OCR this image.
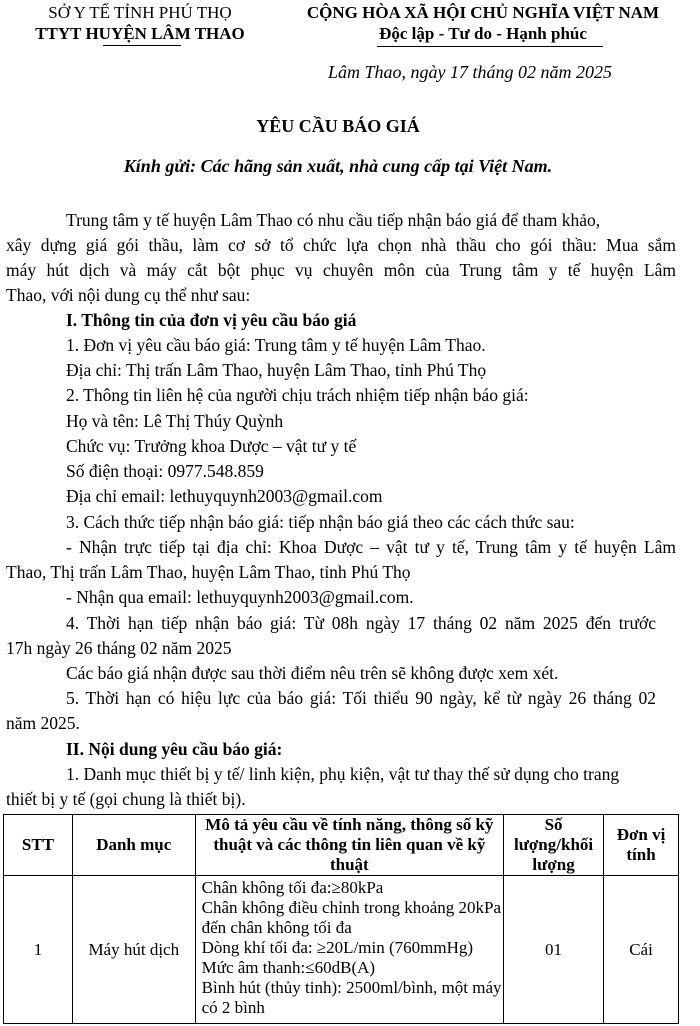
SỞ Y TẾ TỈNH PHÚ THỌ
TTYT HUYỆN LÂM THAO
CỘNG HÒA XÃ HỘI CHỦ NGHĨA VIỆT NAM
Độc lập - Tư do - Hạnh phúc
Lâm Thao, ngày 17 tháng 02 năm 2025
YÊU CẦU BÁO GIÁ
Kính gửi: Các hãng sản xuất, nhà cung cấp tại Việt Nam.
Trung tâm y tế huyện Lâm Thao có nhu cầu tiếp nhận báo giá để tham khảo,
xây dựng giá gói thầu, làm cơ sở tổ chức lựa chọn nhà thầu cho gói thầu: Mua sắm
máy hút dịch và máy cắt bột phục vụ chuyên môn của Trung tâm y tế huyện Lâm
Thao, với nội dung cụ thể như sau:
I. Thông tin của đơn vị yêu cầu báo giá
1. Đơn vị yêu cầu báo giá: Trung tâm y tế huyện Lâm Thao.
Địa chỉ: Thị trấn Lâm Thao, huyện Lâm Thao, tỉnh Phú Thọ
2. Thông tin liên hệ của người chịu trách nhiệm tiếp nhận báo giá:
Họ và tên: Lê Thị Thúy Quỳnh
Chức vụ: Trưởng khoa Dược – vật tư y tế
Số điện thoại: 0977.548.859
Địa chỉ email: lethuyquynh2003@gmail.com
3. Cách thức tiếp nhận báo giá: tiếp nhận báo giá theo các cách thức sau:
- Nhận trực tiếp tại địa chỉ: Khoa Dược – vật tư y tế, Trung tâm y tế huyện Lâm
Thao, Thị trấn Lâm Thao, huyện Lâm Thao, tỉnh Phú Thọ
- Nhận qua email: lethuyquynh2003@gmail.com.
4. Thời hạn tiếp nhận báo giá: Từ 08h ngày 17 tháng 02 năm 2025 đến trước
17h ngày 26 tháng 02 năm 2025
Các báo giá nhận được sau thời điểm nêu trên sẽ không được xem xét.
5. Thời hạn có hiệu lực của báo giá: Tối thiểu 90 ngày, kể từ ngày 26 tháng 02
năm 2025.
II. Nội dung yêu cầu báo giá:
1. Danh mục thiết bị y tế/ linh kiện, phụ kiện, vật tư thay thế sử dụng cho trang
thiết bị y tế (gọi chung là thiết bị).
STT	Danh mục	Mô tả yêu cầu về tính năng, thông số kỹ thuật và các thông tin liên quan về kỹ thuật	Số lượng/khối lượng	Đơn vị tính
1	Máy hút dịch	Chân không tối đa:≥80kPa
Chân không điều chỉnh trong khoảng 20kPa đến chân không tối đa
Dòng khí tối đa: ≥20L/min (760mmHg)
Mức âm thanh:≤60dB(A)
Bình hút (thủy tinh): 2500ml/bình, một máy có 2 bình	01	Cái
